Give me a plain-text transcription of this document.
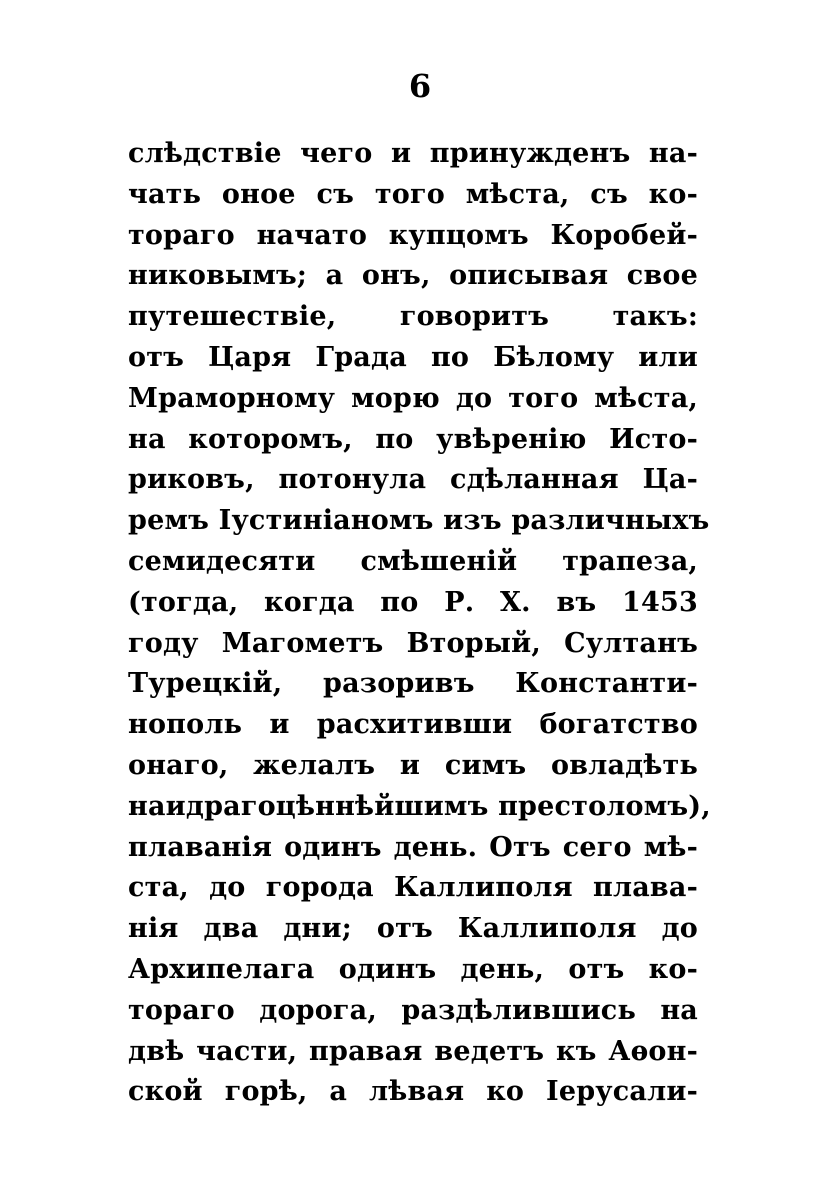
6
слѣдствіе чего и принужденъ на-
чать оное съ того мѣста, съ ко-
тораго начато купцомъ Коробей-
никовымъ; а онъ, описывая свое
путешествіе, говоритъ такъ:
отъ Царя Града по Бѣлому или
Мраморному морю до того мѣста,
на которомъ, по увѣренію Исто-
риковъ, потонула сдѣланная Ца-
ремъ Іустиніаномъ изъ различныхъ
семидесяти смѣшеній трапеза,
(тогда, когда по Р. Х. въ 1453
году Магометъ Вторый, Султанъ
Турецкій, разоривъ Константи-
нополь и расхитивши богатство
онаго, желалъ и симъ овладѣть
наидрагоцѣннѣйшимъ престоломъ),
плаванія одинъ день. Отъ сего мѣ-
ста, до города Каллиполя плава-
нія два дни; отъ Каллиполя до
Архипелага одинъ день, отъ ко-
тораго дорога, раздѣлившись на
двѣ части, правая ведетъ къ Аѳон-
ской горѣ, а лѣвая ко Іерусали-
